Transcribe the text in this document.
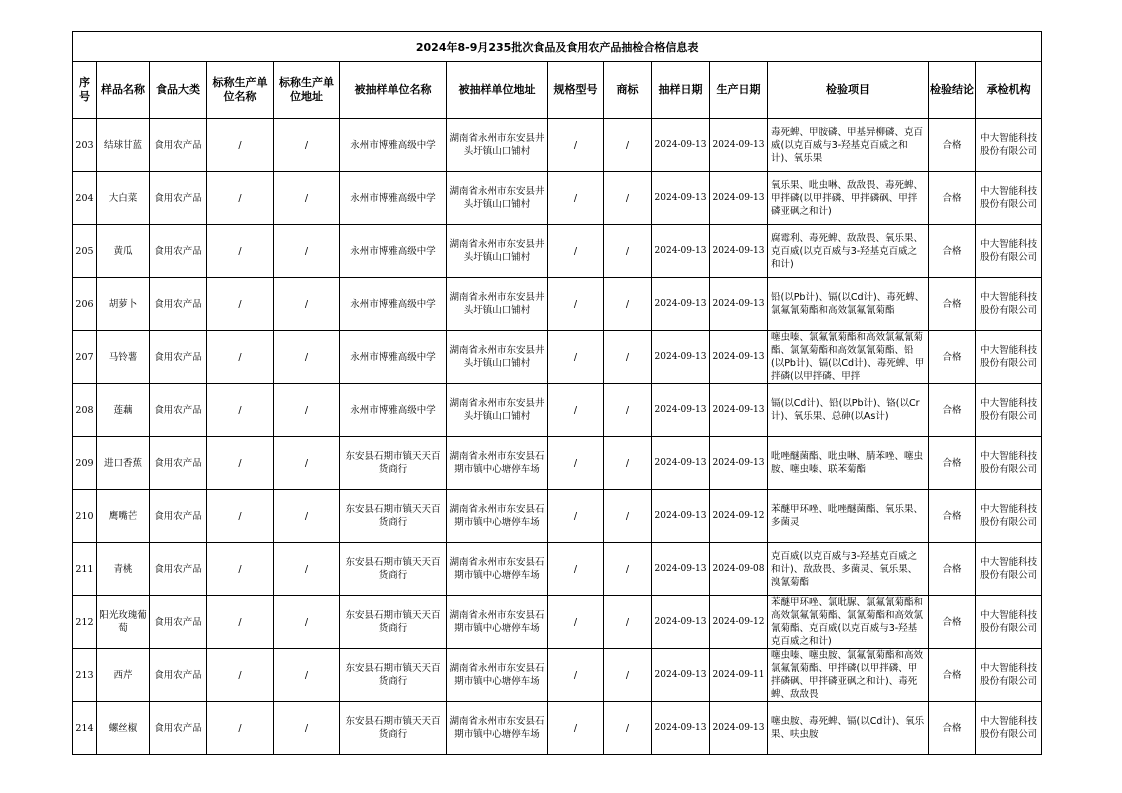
2024年8-9月235批次食品及食用农产品抽检合格信息表													
序号	样品名称	食品大类	标称生产单位名称	标称生产单位地址	被抽样单位名称	被抽样单位地址	规格型号	商标	抽样日期	生产日期	检验项目	检验结论	承检机构
203	结球甘蓝	食用农产品	/	/	永州市博雅高级中学	湖南省永州市东安县井头圩镇山口铺村	/	/	2024-09-13	2024-09-13	毒死蜱、甲胺磷、甲基异柳磷、克百威(以克百威与3-羟基克百威之和计)、氧乐果	合格	中大智能科技股份有限公司
204	大白菜	食用农产品	/	/	永州市博雅高级中学	湖南省永州市东安县井头圩镇山口铺村	/	/	2024-09-13	2024-09-13	氧乐果、吡虫啉、敌敌畏、毒死蜱、甲拌磷(以甲拌磷、甲拌磷砜、甲拌磷亚砜之和计)	合格	中大智能科技股份有限公司
205	黄瓜	食用农产品	/	/	永州市博雅高级中学	湖南省永州市东安县井头圩镇山口铺村	/	/	2024-09-13	2024-09-13	腐霉利、毒死蜱、敌敌畏、氧乐果、克百威(以克百威与3-羟基克百威之和计)	合格	中大智能科技股份有限公司
206	胡萝卜	食用农产品	/	/	永州市博雅高级中学	湖南省永州市东安县井头圩镇山口铺村	/	/	2024-09-13	2024-09-13	铅(以Pb计)、镉(以Cd计)、毒死蜱、氯氟氰菊酯和高效氯氟氰菊酯	合格	中大智能科技股份有限公司
207	马铃薯	食用农产品	/	/	永州市博雅高级中学	湖南省永州市东安县井头圩镇山口铺村	/	/	2024-09-13	2024-09-13	噻虫嗪、氯氟氰菊酯和高效氯氟氰菊酯、氯氰菊酯和高效氯氰菊酯、铅(以Pb计)、镉(以Cd计)、毒死蜱、甲拌磷(以甲拌磷、甲拌	合格	中大智能科技股份有限公司
208	莲藕	食用农产品	/	/	永州市博雅高级中学	湖南省永州市东安县井头圩镇山口铺村	/	/	2024-09-13	2024-09-13	镉(以Cd计)、铅(以Pb计)、铬(以Cr计)、氧乐果、总砷(以As计)	合格	中大智能科技股份有限公司
209	进口香蕉	食用农产品	/	/	东安县石期市镇天天百货商行	湖南省永州市东安县石期市镇中心塘停车场	/	/	2024-09-13	2024-09-13	吡唑醚菌酯、吡虫啉、腈苯唑、噻虫胺、噻虫嗪、联苯菊酯	合格	中大智能科技股份有限公司
210	鹰嘴芒	食用农产品	/	/	东安县石期市镇天天百货商行	湖南省永州市东安县石期市镇中心塘停车场	/	/	2024-09-13	2024-09-12	苯醚甲环唑、吡唑醚菌酯、氧乐果、多菌灵	合格	中大智能科技股份有限公司
211	青桃	食用农产品	/	/	东安县石期市镇天天百货商行	湖南省永州市东安县石期市镇中心塘停车场	/	/	2024-09-13	2024-09-08	克百威(以克百威与3-羟基克百威之和计)、敌敌畏、多菌灵、氧乐果、溴氰菊酯	合格	中大智能科技股份有限公司
212	阳光玫瑰葡萄	食用农产品	/	/	东安县石期市镇天天百货商行	湖南省永州市东安县石期市镇中心塘停车场	/	/	2024-09-13	2024-09-12	苯醚甲环唑、氯吡脲、氯氟氰菊酯和高效氯氟氰菊酯、氯氰菊酯和高效氯氰菊酯、克百威(以克百威与3-羟基克百威之和计)	合格	中大智能科技股份有限公司
213	西芹	食用农产品	/	/	东安县石期市镇天天百货商行	湖南省永州市东安县石期市镇中心塘停车场	/	/	2024-09-13	2024-09-11	噻虫嗪、噻虫胺、氯氟氰菊酯和高效氯氟氰菊酯、甲拌磷(以甲拌磷、甲拌磷砜、甲拌磷亚砜之和计)、毒死蜱、敌敌畏	合格	中大智能科技股份有限公司
214	螺丝椒	食用农产品	/	/	东安县石期市镇天天百货商行	湖南省永州市东安县石期市镇中心塘停车场	/	/	2024-09-13	2024-09-13	噻虫胺、毒死蜱、镉(以Cd计)、氧乐果、呋虫胺	合格	中大智能科技股份有限公司
